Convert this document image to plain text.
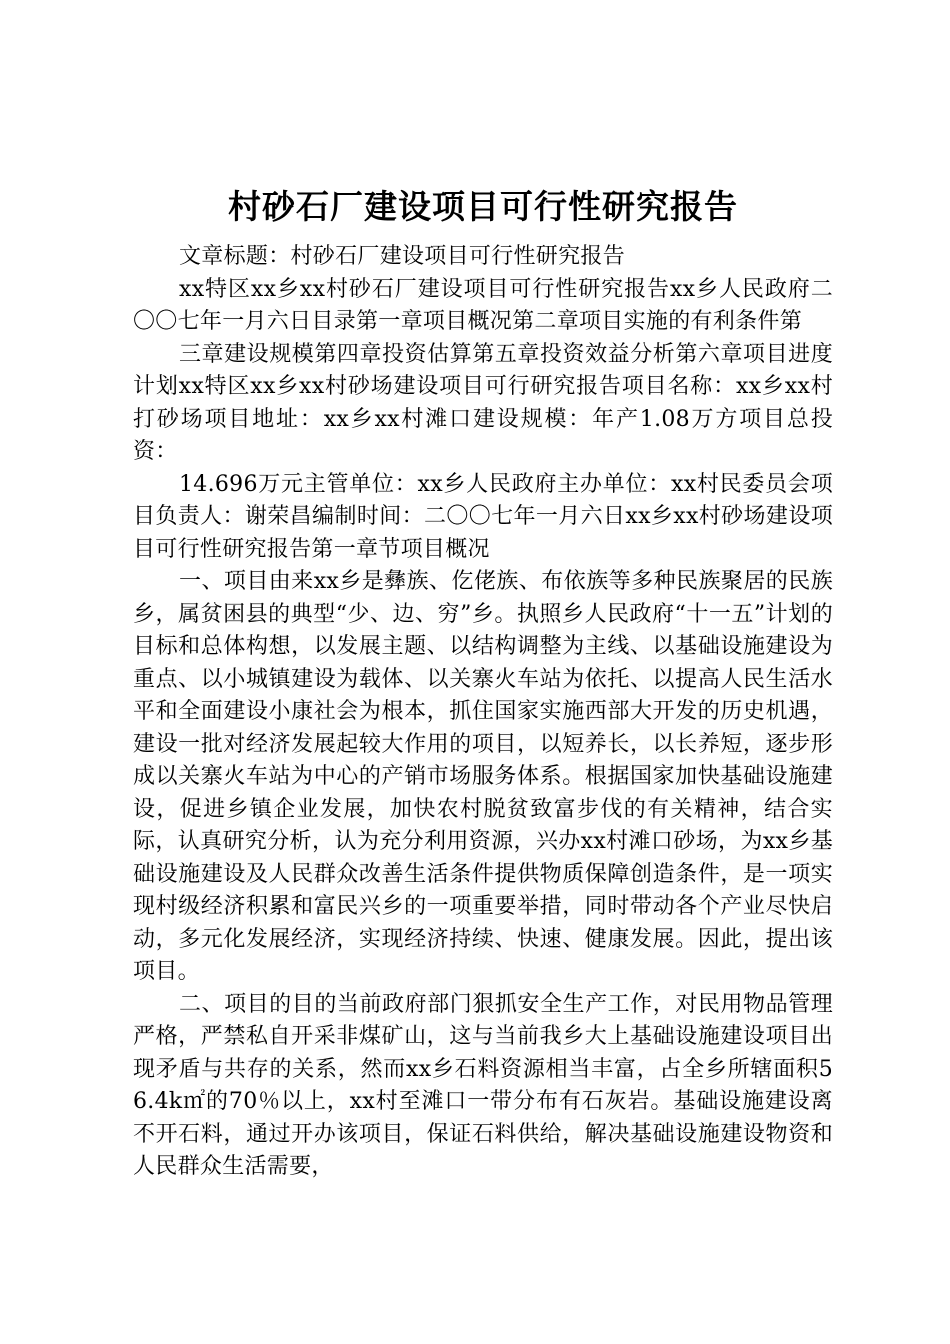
村砂石厂建设项目可行性研究报告

文章标题：村砂石厂建设项目可行性研究报告

xx特区xx乡xx村砂石厂建设项目可行性研究报告xx乡人民政府二〇〇七年一月六日目录第一章项目概况第二章项目实施的有利条件第

三章建设规模第四章投资估算第五章投资效益分析第六章项目进度计划xx特区xx乡xx村砂场建设项目可行研究报告项目名称：xx乡xx村打砂场项目地址：xx乡xx村滩口建设规模：年产1.08万方项目总投资：

14.696万元主管单位：xx乡人民政府主办单位：xx村民委员会项目负责人：谢荣昌编制时间：二〇〇七年一月六日xx乡xx村砂场建设项目可行性研究报告第一章节项目概况

一、项目由来xx乡是彝族、仡佬族、布依族等多种民族聚居的民族乡，属贫困县的典型“少、边、穷”乡。执照乡人民政府“十一五”计划的目标和总体构想，以发展主题、以结构调整为主线、以基础设施建设为重点、以小城镇建设为载体、以关寨火车站为依托、以提高人民生活水平和全面建设小康社会为根本，抓住国家实施西部大开发的历史机遇，建设一批对经济发展起较大作用的项目，以短养长，以长养短，逐步形成以关寨火车站为中心的产销市场服务体系。根据国家加快基础设施建设，促进乡镇企业发展，加快农村脱贫致富步伐的有关精神，结合实际，认真研究分析，认为充分利用资源，兴办xx村滩口砂场，为xx乡基础设施建设及人民群众改善生活条件提供物质保障创造条件，是一项实现村级经济积累和富民兴乡的一项重要举措，同时带动各个产业尽快启动，多元化发展经济，实现经济持续、快速、健康发展。因此，提出该项目。

二、项目的目的当前政府部门狠抓安全生产工作，对民用物品管理严格，严禁私自开采非煤矿山，这与当前我乡大上基础设施建设项目出现矛盾与共存的关系，然而xx乡石料资源相当丰富，占全乡所辖面积56.4k㎡的70％以上，xx村至滩口一带分布有石灰岩。基础设施建设离不开石料，通过开办该项目，保证石料供给，解决基础设施建设物资和人民群众生活需要，
